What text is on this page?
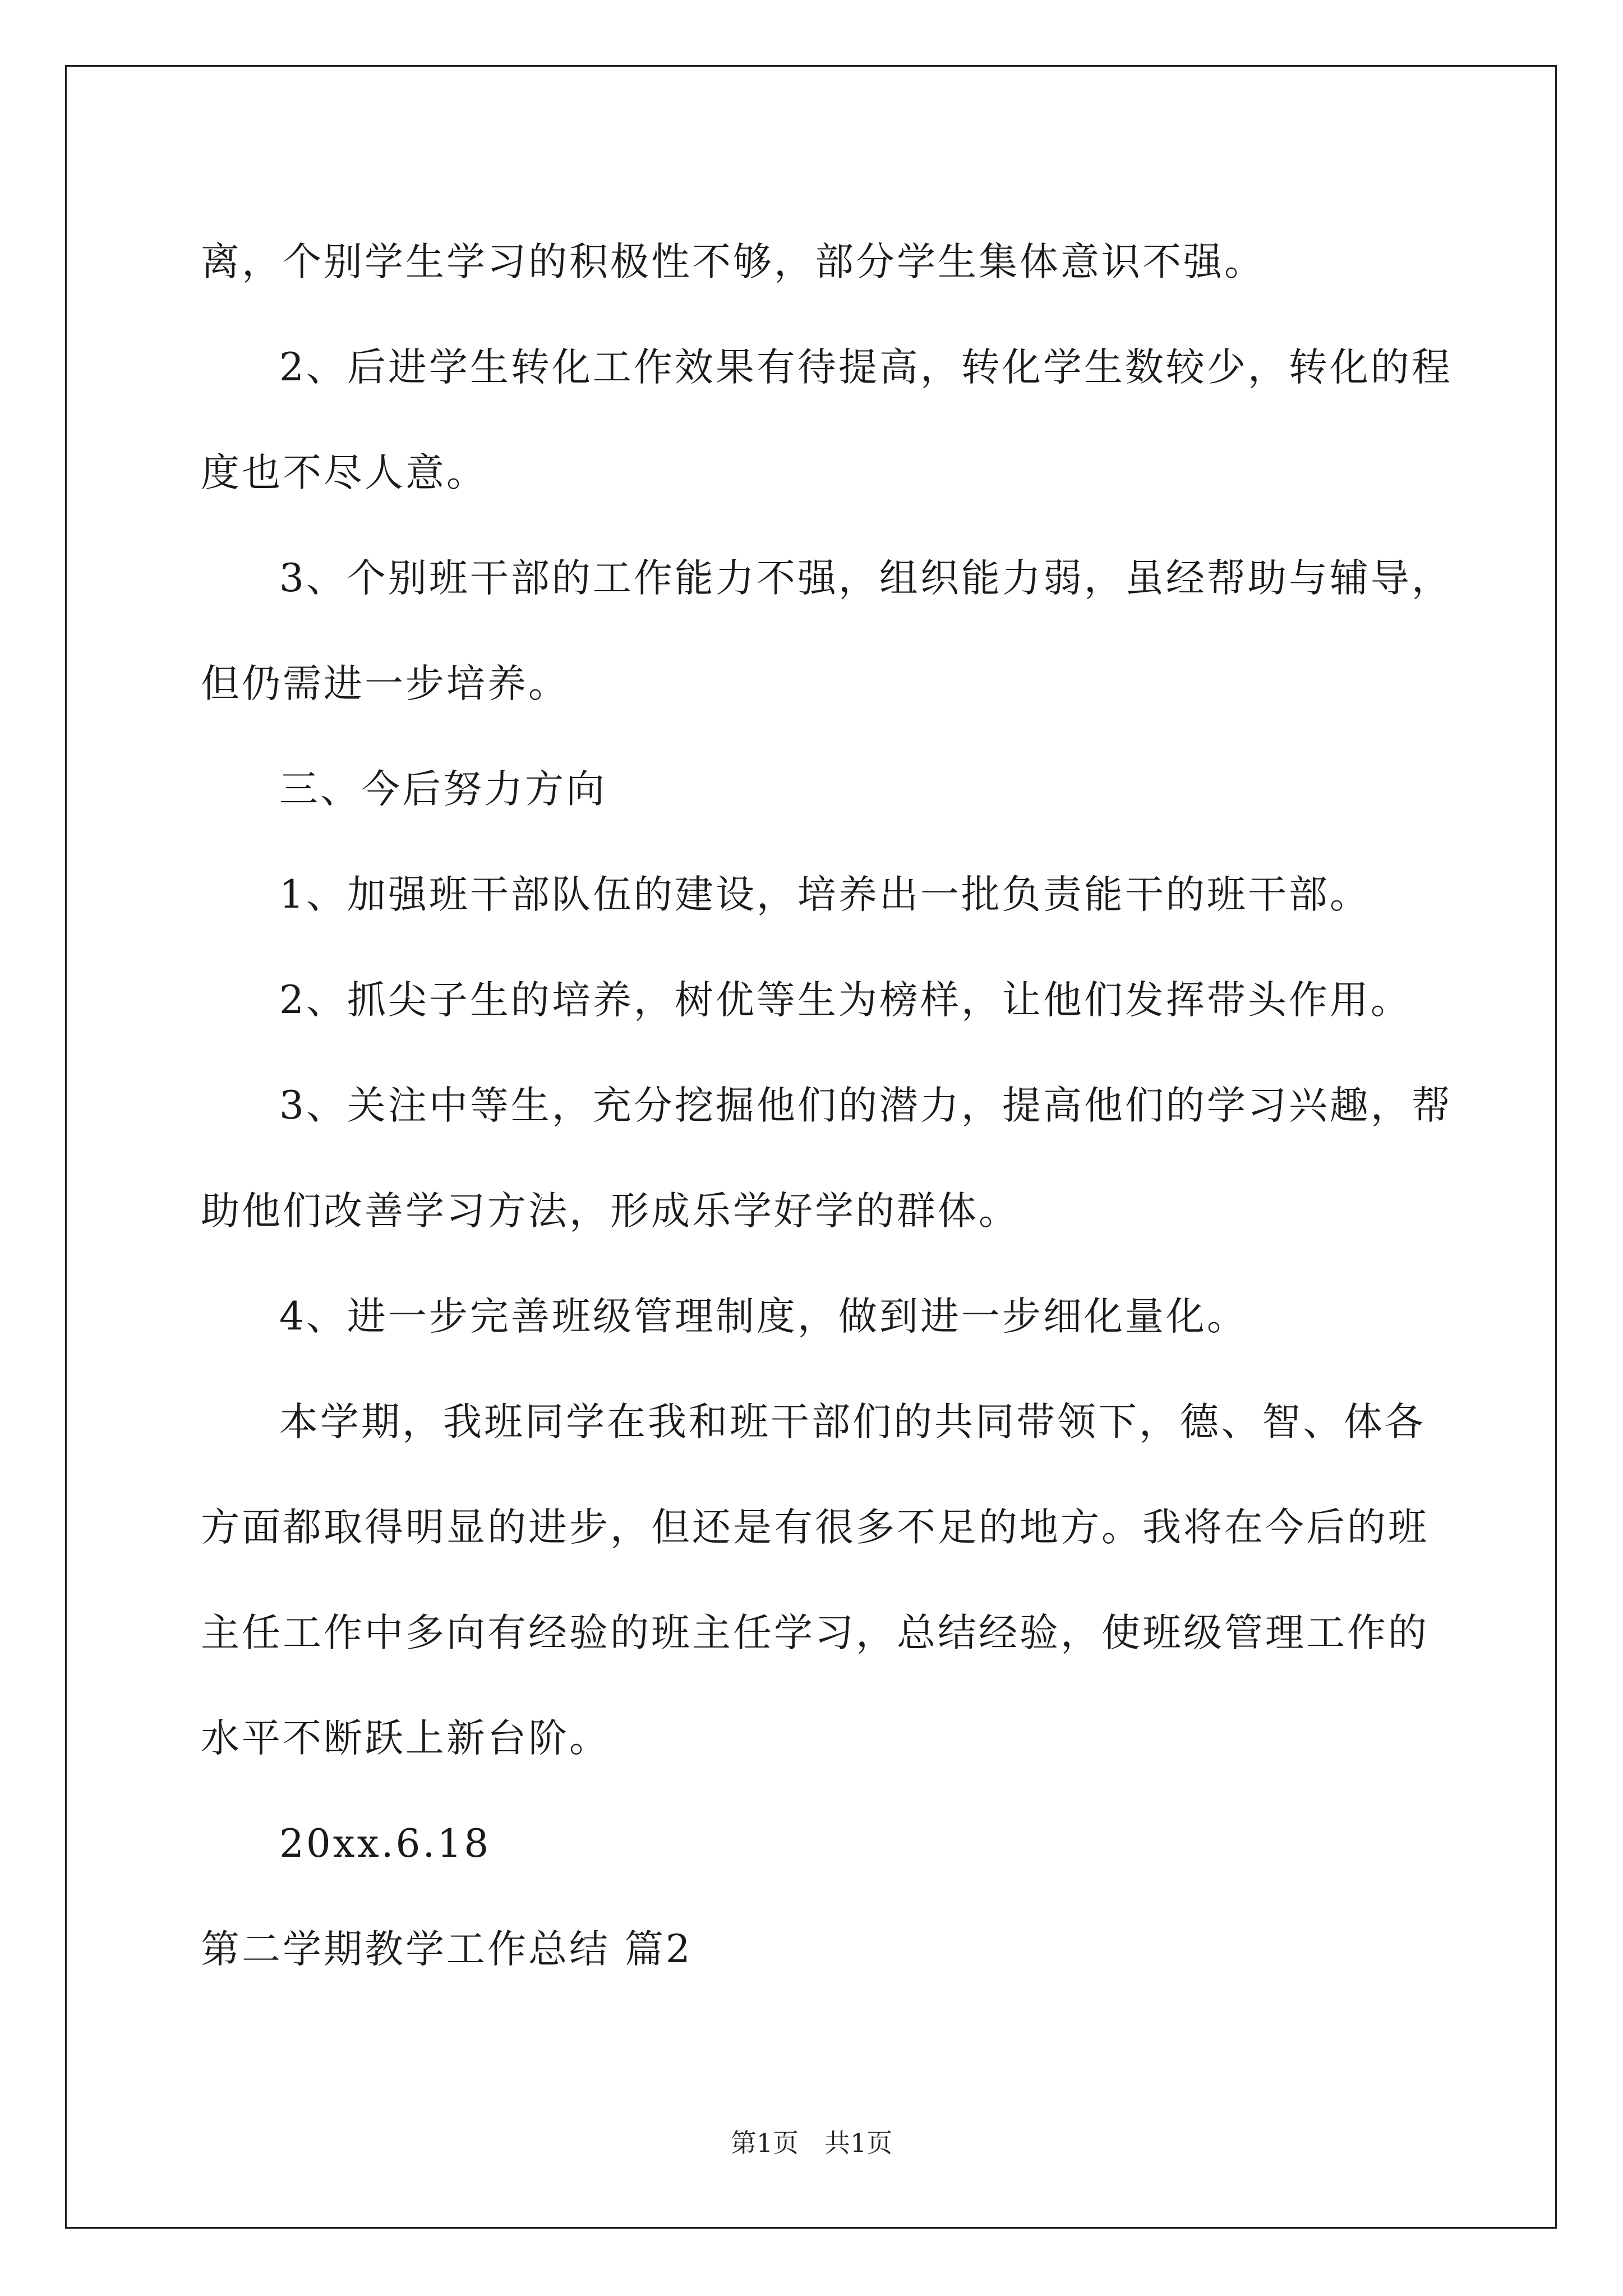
离，个别学生学习的积极性不够，部分学生集体意识不强。
2、后进学生转化工作效果有待提高，转化学生数较少，转化的程
度也不尽人意。
3、个别班干部的工作能力不强，组织能力弱，虽经帮助与辅导，
但仍需进一步培养。
三、今后努力方向
1、加强班干部队伍的建设，培养出一批负责能干的班干部。
2、抓尖子生的培养，树优等生为榜样，让他们发挥带头作用。
3、关注中等生，充分挖掘他们的潜力，提高他们的学习兴趣，帮
助他们改善学习方法，形成乐学好学的群体。
4、进一步完善班级管理制度，做到进一步细化量化。
本学期，我班同学在我和班干部们的共同带领下，德、智、体各
方面都取得明显的进步，但还是有很多不足的地方。我将在今后的班
主任工作中多向有经验的班主任学习，总结经验，使班级管理工作的
水平不断跃上新台阶。
20xx.6.18
第二学期教学工作总结 篇2
第1页　共1页
